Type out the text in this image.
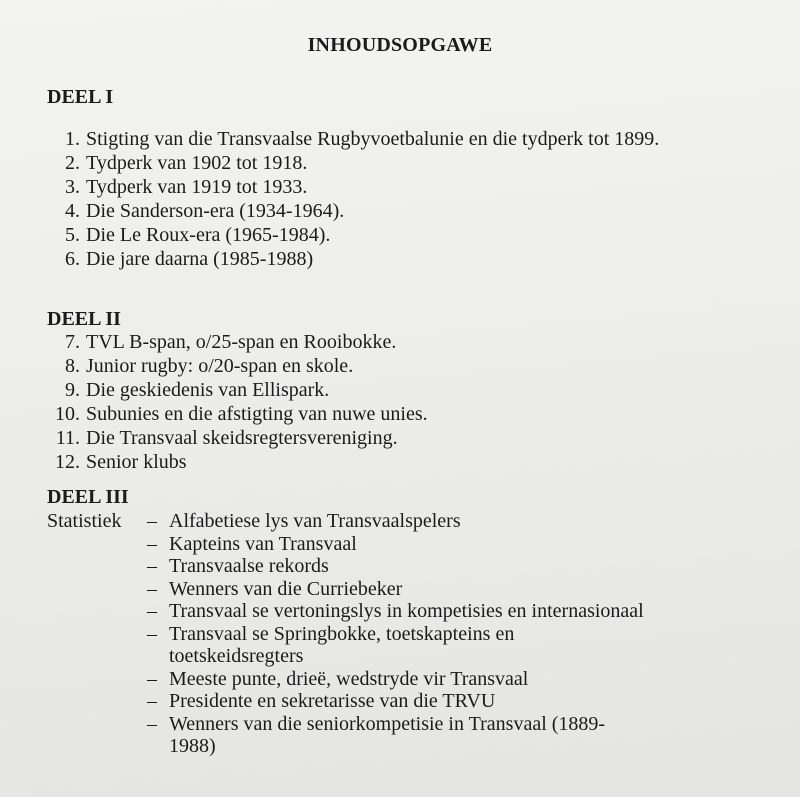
INHOUDSOPGAWE
DEEL I
1. Stigting van die Transvaalse Rugbyvoetbalunie en die tydperk tot 1899.
2. Tydperk van 1902 tot 1918.
3. Tydperk van 1919 tot 1933.
4. Die Sanderson-era (1934-1964).
5. Die Le Roux-era (1965-1984).
6. Die jare daarna (1985-1988)
DEEL II
7. TVL B-span, o/25-span en Rooibokke.
8. Junior rugby: o/20-span en skole.
9. Die geskiedenis van Ellispark.
10. Subunies en die afstigting van nuwe unies.
11. Die Transvaal skeidsregtersvereniging.
12. Senior klubs
DEEL III
Statistiek – Alfabetiese lys van Transvaalspelers
– Kapteins van Transvaal
– Transvaalse rekords
– Wenners van die Curriebeker
– Transvaal se vertoningslys in kompetisies en internasionaal
– Transvaal se Springbokke, toetskapteins en toetskeidsregters
– Meeste punte, drieë, wedstryde vir Transvaal
– Presidente en sekretarisse van die TRVU
– Wenners van die seniorkompetisie in Transvaal (1889-1988)
